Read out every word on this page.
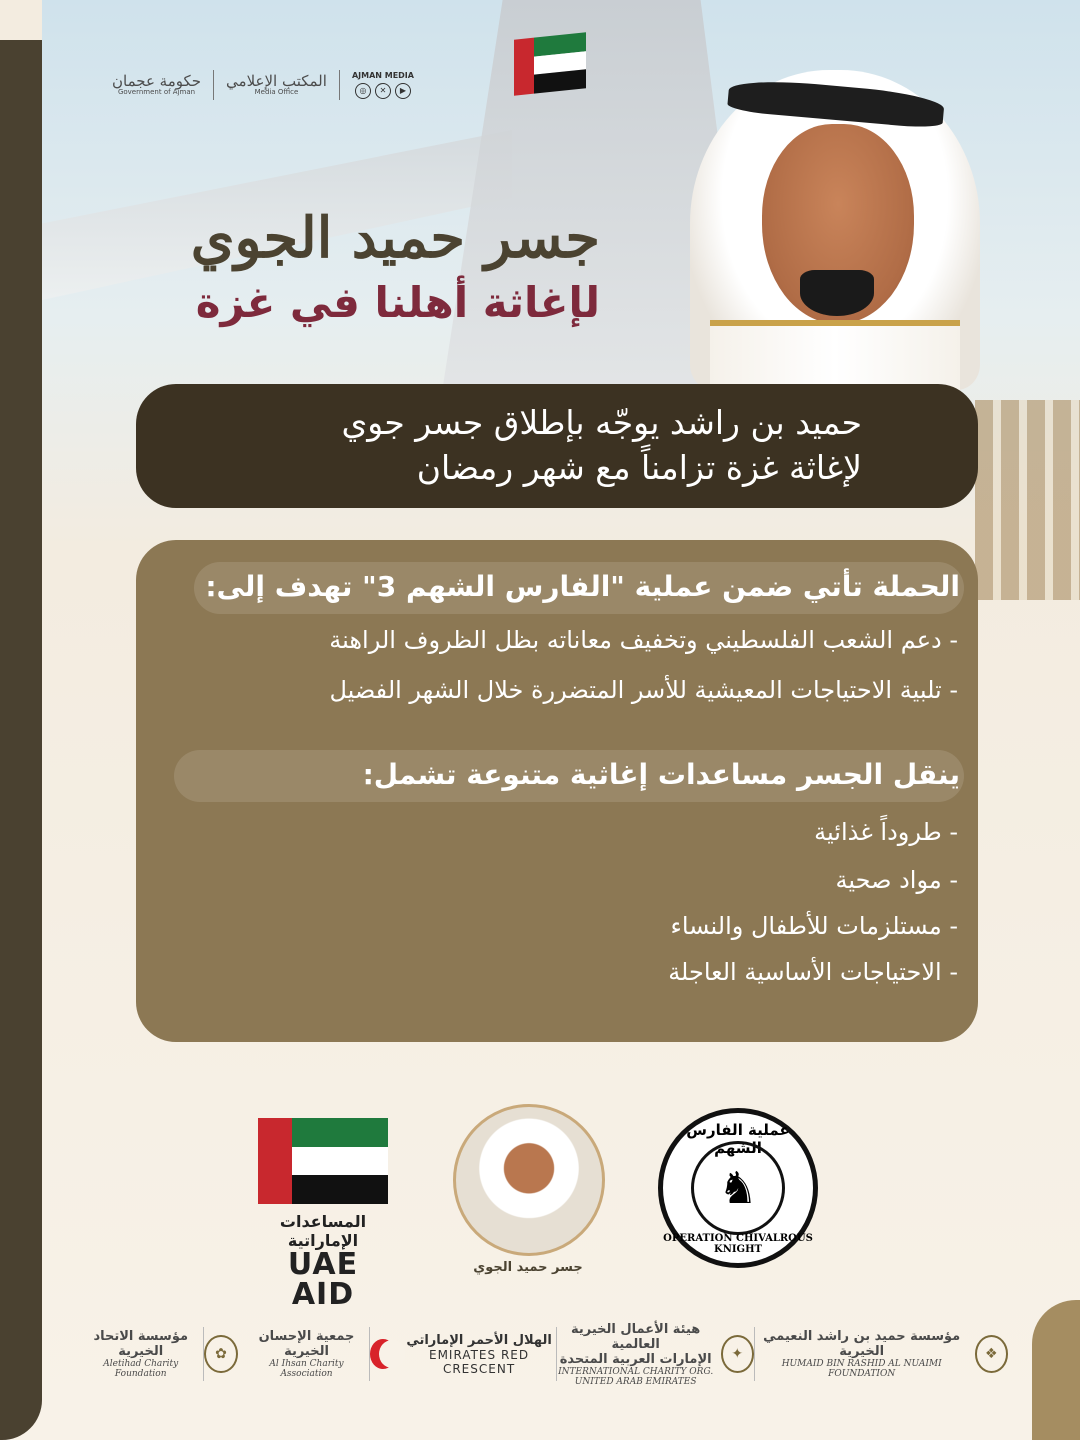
حكومة عجمان
Government of Ajman
المكتب الإعلامي
Media Office
AJMAN MEDIA
◎	✕	▶
جسر حميد الجوي
لإغاثة أهلنا في غزة
حميد بن راشد يوجّه بإطلاق جسر جوي
لإغاثة غزة تزامناً مع شهر رمضان
الحملة تأتي ضمن عملية "الفارس الشهم 3" تهدف إلى:
- دعم الشعب الفلسطيني وتخفيف معاناته بظل الظروف الراهنة
- تلبية الاحتياجات المعيشية للأسر المتضررة خلال الشهر الفضيل
ينقل الجسر مساعدات إغاثية متنوعة تشمل:
- طروداً غذائية
- مواد صحية
- مستلزمات للأطفال والنساء
- الاحتياجات الأساسية العاجلة
المساعدات الإماراتية
UAE AID
جسر حميد الجوي
عملية الفارس الشهم
♞
OPERATION CHIVALROUS KNIGHT
مؤسسة الاتحاد الخيرية
Aletihad Charity Foundation
✿
جمعية الإحسان الخيرية
Al Ihsan Charity Association
الهلال الأحمر الإماراتي
EMIRATES RED CRESCENT
هيئة الأعمال الخيرية العالمية
الإمارات العربية المتحدة
INTERNATIONAL CHARITY ORG.
UNITED ARAB EMIRATES
✦
مؤسسة حميد بن راشد النعيمي الخيرية
HUMAID BIN RASHID AL NUAIMI FOUNDATION
❖
